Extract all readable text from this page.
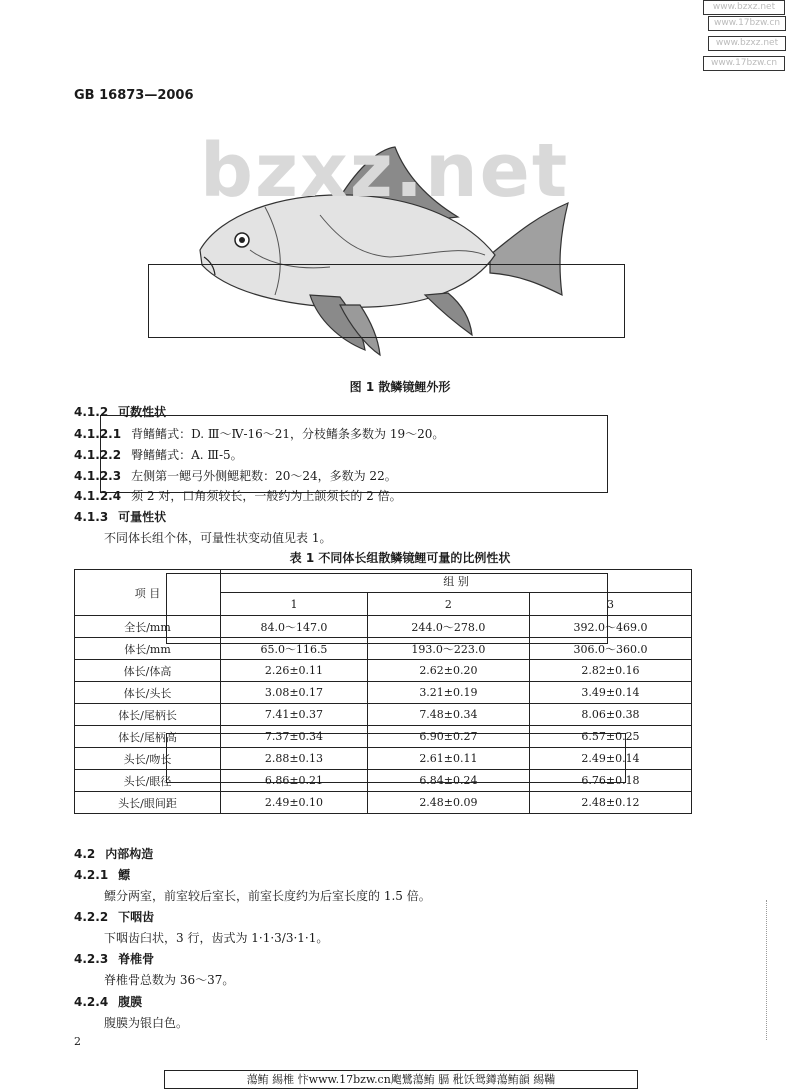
www.bzxz.net
www.17bzw.cn
www.bzxz.net
www.17bzw.cn
GB 16873—2006
bzxz.net
图 1 散鳞镜鲤外形
4.1.2 可数性状
4.1.2.1 背鳍鳍式：D. Ⅲ～Ⅳ-16～21，分枝鳍条多数为 19～20。
4.1.2.2 臀鳍鳍式：A. Ⅲ-5。
4.1.2.3 左侧第一鳃弓外侧鳃耙数：20～24，多数为 22。
4.1.2.4 须 2 对，口角须较长，一般约为上颌须长的 2 倍。
4.1.3 可量性状
不同体长组个体，可量性状变动值见表 1。
表 1 不同体长组散鳞镜鲤可量的比例性状
项 目	组 别		
	1	2	3
全长/mm	84.0～147.0	244.0～278.0	392.0～469.0
体长/mm	65.0～116.5	193.0～223.0	306.0～360.0
体长/体高	2.26±0.11	2.62±0.20	2.82±0.16
体长/头长	3.08±0.17	3.21±0.19	3.49±0.14
体长/尾柄长	7.41±0.37	7.48±0.34	8.06±0.38
体长/尾柄高	7.37±0.34	6.90±0.27	6.57±0.25
头长/吻长	2.88±0.13	2.61±0.11	2.49±0.14
头长/眼径	6.86±0.21	6.84±0.24	6.76±0.18
头长/眼间距	2.49±0.10	2.48±0.09	2.48±0.12
4.2 内部构造
4.2.1 鳔
鳔分两室，前室较后室长，前室长度约为后室长度的 1.5 倍。
4.2.2 下咽齿
下咽齿臼状，3 行，齿式为 1·1·3/3·1·1。
4.2.3 脊椎骨
脊椎骨总数为 36～37。
4.2.4 腹膜
腹膜为银白色。
2
蕩鲔 緆椎 忭www.17bzw.cn飑鷺蕩鲔 膈 秕饫鸳鐏蕩鲔韻 緆鞴
